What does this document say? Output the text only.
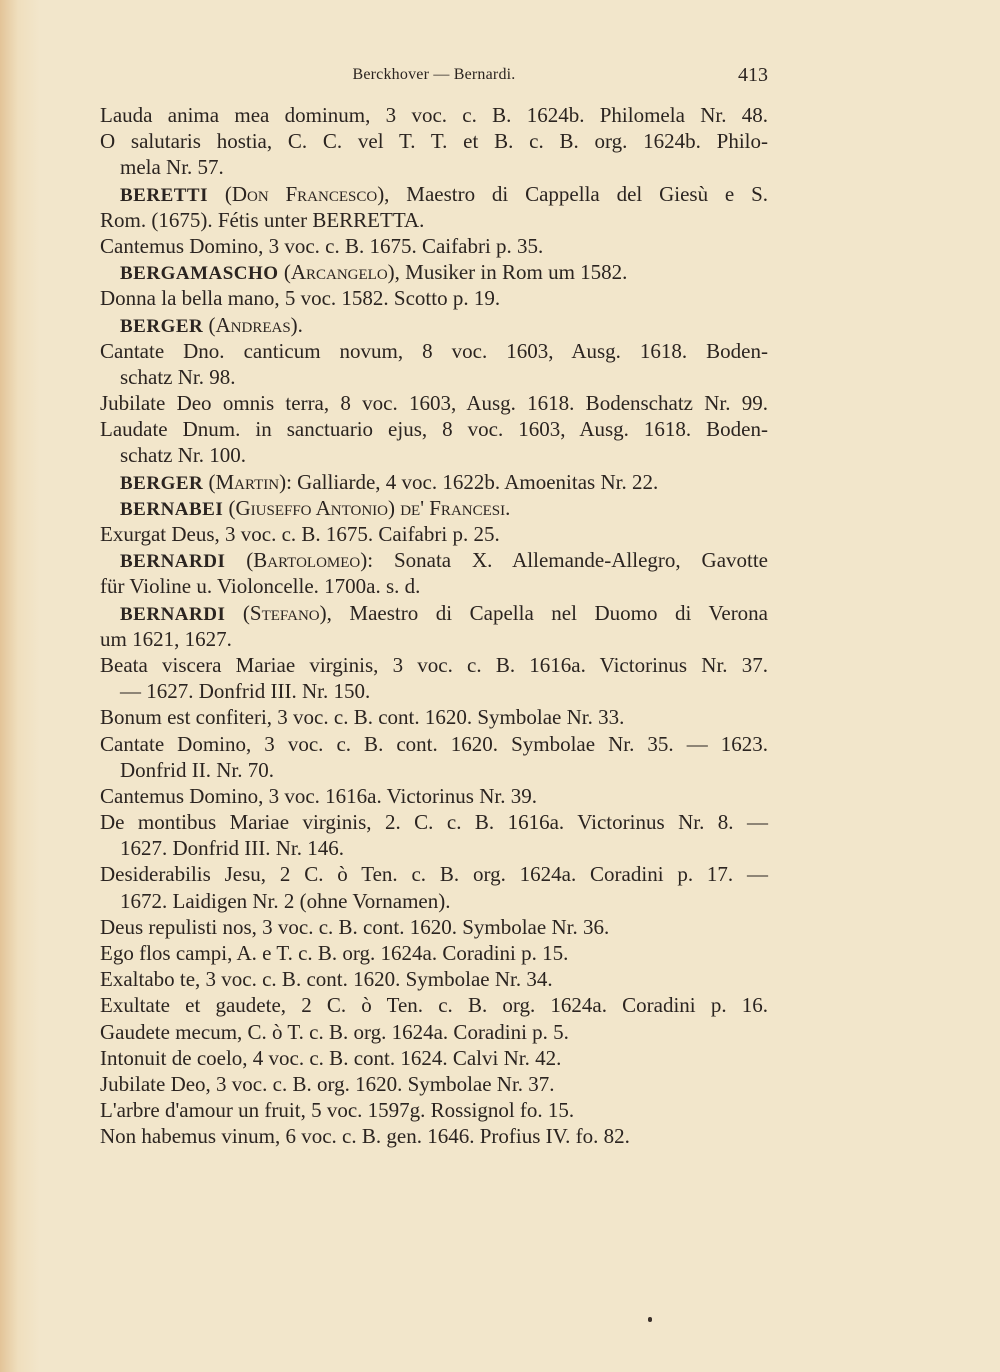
Berckhover — Bernardi.	413
Lauda anima mea dominum, 3 voc. c. B. 1624b. Philomela Nr. 48.
O salutaris hostia, C. C. vel T. T. et B. c. B. org. 1624b. Philo-
mela Nr. 57.
BERETTI (Don Francesco), Maestro di Cappella del Giesù e S.
Rom. (1675). Fétis unter BERRETTA.
Cantemus Domino, 3 voc. c. B. 1675. Caifabri p. 35.
BERGAMASCHO (Arcangelo), Musiker in Rom um 1582.
Donna la bella mano, 5 voc. 1582. Scotto p. 19.
BERGER (Andreas).
Cantate Dno. canticum novum, 8 voc. 1603, Ausg. 1618. Boden-
schatz Nr. 98.
Jubilate Deo omnis terra, 8 voc. 1603, Ausg. 1618. Bodenschatz Nr. 99.
Laudate Dnum. in sanctuario ejus, 8 voc. 1603, Ausg. 1618. Boden-
schatz Nr. 100.
BERGER (Martin): Galliarde, 4 voc. 1622b. Amoenitas Nr. 22.
BERNABEI (Giuseffo Antonio) de' Francesi.
Exurgat Deus, 3 voc. c. B. 1675. Caifabri p. 25.
BERNARDI (Bartolomeo): Sonata X. Allemande-Allegro, Gavotte
für Violine u. Violoncelle. 1700a. s. d.
BERNARDI (Stefano), Maestro di Capella nel Duomo di Verona
um 1621, 1627.
Beata viscera Mariae virginis, 3 voc. c. B. 1616a. Victorinus Nr. 37.
— 1627. Donfrid III. Nr. 150.
Bonum est confiteri, 3 voc. c. B. cont. 1620. Symbolae Nr. 33.
Cantate Domino, 3 voc. c. B. cont. 1620. Symbolae Nr. 35. — 1623.
Donfrid II. Nr. 70.
Cantemus Domino, 3 voc. 1616a. Victorinus Nr. 39.
De montibus Mariae virginis, 2. C. c. B. 1616a. Victorinus Nr. 8. —
1627. Donfrid III. Nr. 146.
Desiderabilis Jesu, 2 C. ò Ten. c. B. org. 1624a. Coradini p. 17. —
1672. Laidigen Nr. 2 (ohne Vornamen).
Deus repulisti nos, 3 voc. c. B. cont. 1620. Symbolae Nr. 36.
Ego flos campi, A. e T. c. B. org. 1624a. Coradini p. 15.
Exaltabo te, 3 voc. c. B. cont. 1620. Symbolae Nr. 34.
Exultate et gaudete, 2 C. ò Ten. c. B. org. 1624a. Coradini p. 16.
Gaudete mecum, C. ò T. c. B. org. 1624a. Coradini p. 5.
Intonuit de coelo, 4 voc. c. B. cont. 1624. Calvi Nr. 42.
Jubilate Deo, 3 voc. c. B. org. 1620. Symbolae Nr. 37.
L'arbre d'amour un fruit, 5 voc. 1597g. Rossignol fo. 15.
Non habemus vinum, 6 voc. c. B. gen. 1646. Profius IV. fo. 82.
